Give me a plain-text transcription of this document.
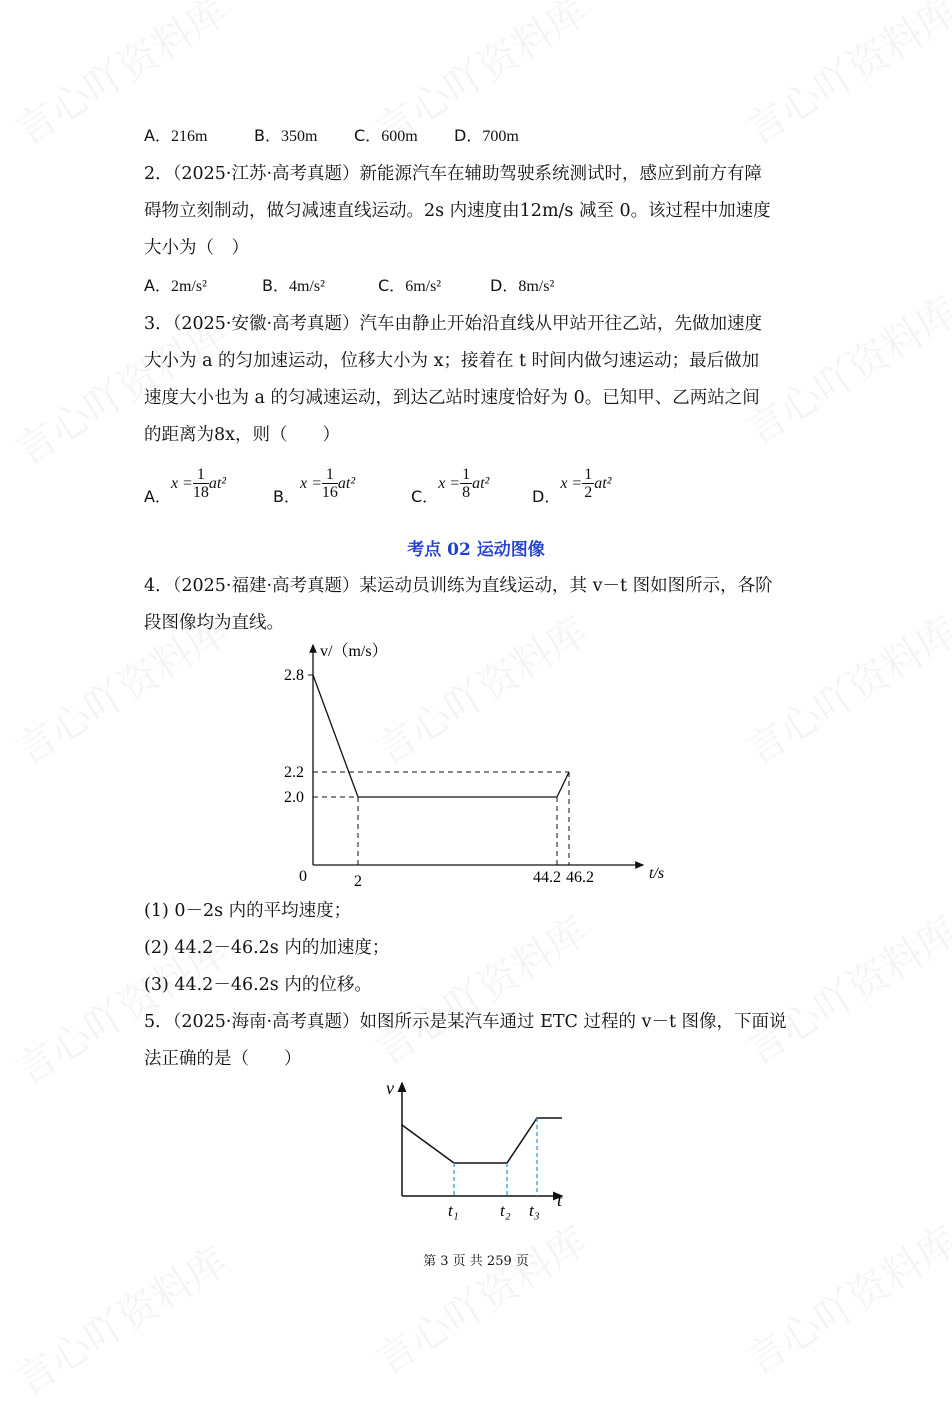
A．216m	B．350m C．600m D．700m
2．（2025·江苏·高考真题）新能源汽车在辅助驾驶系统测试时，感应到前方有障
碍物立刻制动，做匀减速直线运动。2s 内速度由12m/s 减至 0。该过程中加速度
大小为（　）
A．2m/s²	B．4m/s²	C．6m/s²	D．8m/s²
3．（2025·安徽·高考真题）汽车由静止开始沿直线从甲站开往乙站，先做加速度
大小为 a 的匀加速运动，位移大小为 x；接着在 t 时间内做匀速运动；最后做加
速度大小也为 a 的匀减速运动，到达乙站时速度恰好为 0。已知甲、乙两站之间
的距离为8x，则（　　）
A．$x = \frac{1}{18}at^2B$．$x = \frac{1}{16}at^2C$．$x = \frac{1}{8}at^2D$．$x = \frac{1}{2}at^2$
考点 02 运动图像
4．（2025·福建·高考真题）某运动员训练为直线运动，其 v－t 图如图所示，各阶
段图像均为直线。
v/（m/s）
2.8
2.2
2.0
0	2	44.2 46.2	t/s
v
t
t₁ t₂ t₃
(1) 0－2s 内的平均速度；
(2) 44.2－46.2s 内的加速度；
(3) 44.2－46.2s 内的位移。
5．（2025·海南·高考真题）如图所示是某汽车通过 ETC 过程的 v－t 图像，下面说
法正确的是（　　）
第 3 页 共 259 页
